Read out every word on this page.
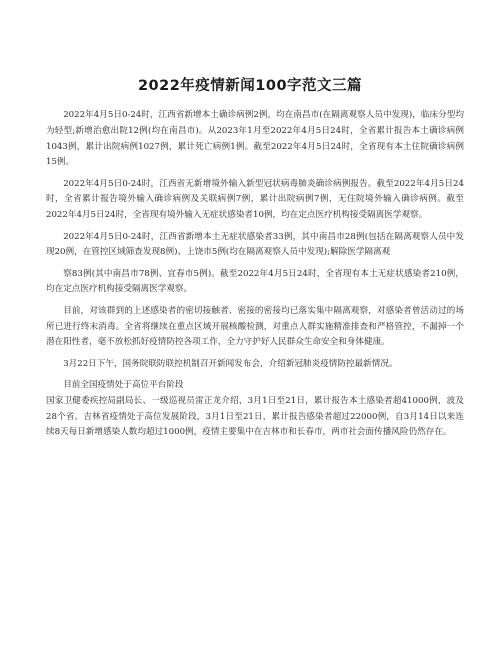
2022年疫情新闻100字范文三篇

2022年4月5日0-24时，江西省新增本土确诊病例2例，均在南昌市(在隔离观察人员中发现)，临床分型均为轻型;新增治愈出院12例(均在南昌市)。从2023年1月至2022年4月5日24时，全省累计报告本土确诊病例1043例，累计出院病例1027例，累计死亡病例1例。截至2022年4月5日24时，全省现有本土住院确诊病例15例。

2022年4月5日0-24时，江西省无新增境外输入新型冠状病毒肺炎确诊病例报告。截至2022年4月5日24时，全省累计报告境外输入确诊病例及关联病例7例，累计出院病例7例，无住院境外输入确诊病例。截至2022年4月5日24时，全省现有境外输入无症状感染者10例，均在定点医疗机构接受隔离医学观察。

2022年4月5日0-24时，江西省新增本土无症状感染者33例，其中南昌市28例(包括在隔离观察人员中发现20例，在管控区域筛查发现8例)、上饶市5例(均在隔离观察人员中发现);解除医学隔离观

察83例(其中南昌市78例、宜春市5例)。截至2022年4月5日24时，全省现有本土无症状感染者210例，均在定点医疗机构接受隔离医学观察。

目前，对该群到的上述感染者的密切接触者、密接的密接均已落实集中隔离观察，对感染者曾活动过的场所已进行终末消毒。全省将继续在重点区域开展核酸检测，对重点人群实施精准排查和严格管控，不漏掉一个潜在阳性者，毫不放松抓好疫情防控各项工作，全力守护好人民群众生命安全和身体健康。

3月22日下午，国务院联防联控机制召开新闻发布会，介绍新冠肺炎疫情防控最新情况。

目前全国疫情处于高位平台阶段

国家卫健委疾控局副局长、一级巡视员雷正龙介绍，3月1日至21日，累计报告本土感染者超41000例，波及28个省。吉林省疫情处于高位发展阶段，3月1日至21日，累计报告感染者超过22000例，自3月14日以来连续8天每日新增感染人数均超过1000例，疫情主要集中在吉林市和长春市，两市社会面传播风险仍然存在。
